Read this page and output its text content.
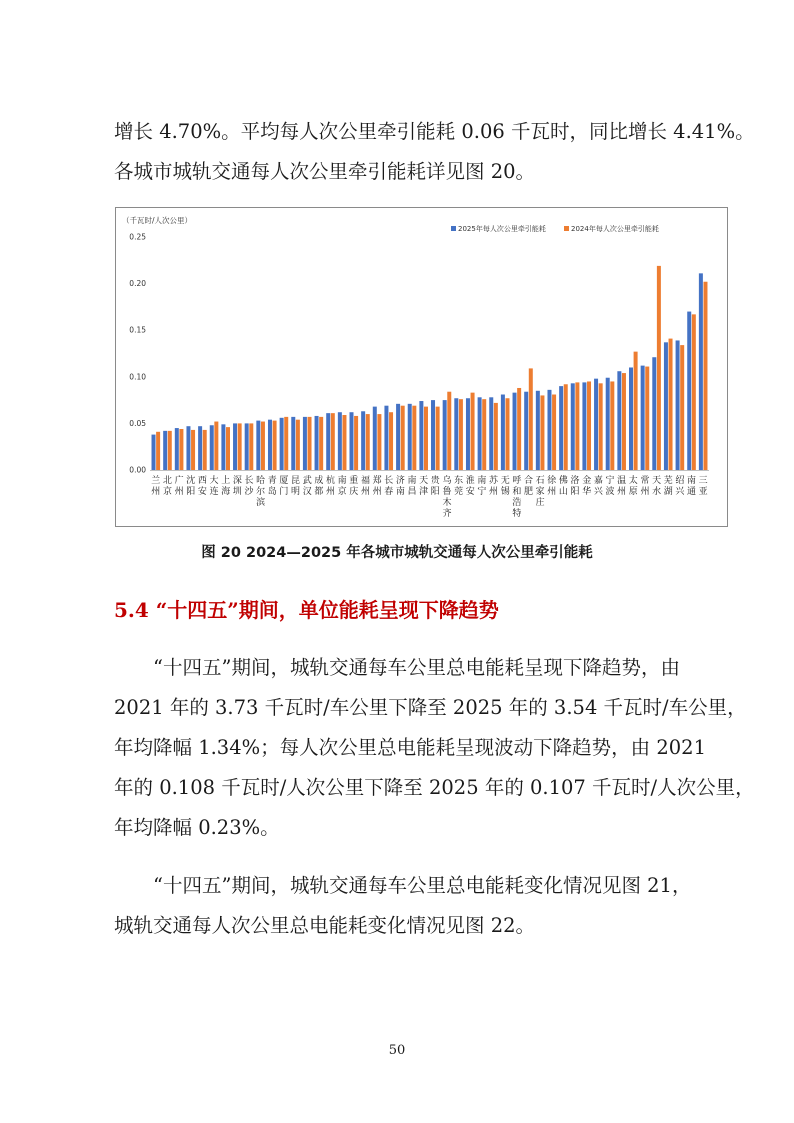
增长 4.70%。平均每人次公里牵引能耗 0.06 千瓦时，同比增长 4.41%。
各城市城轨交通每人次公里牵引能耗详见图 20。

（千瓦时/人次公里）
0.00
0.05
0.10
0.15
0.20
0.25
兰州
北京
广州
沈阳
西安
大连
上海
深圳
长沙
哈尔滨
青岛
厦门
昆明
武汉
成都
杭州
南京
重庆
福州
郑州
长春
济南
南昌
天津
贵阳
乌鲁木齐
东莞
淮安
南宁
苏州
无锡
呼和浩特
合肥
石家庄
徐州
佛山
洛阳
金华
嘉兴
宁波
温州
太原
常州
天水
芜湖
绍兴
南通
三亚
2025年每人次公里牵引能耗	2024年每人次公里牵引能耗
图 20 2024—2025 年各城市城轨交通每人次公里牵引能耗
5.4 “十四五”期间，单位能耗呈现下降趋势

“十四五”期间，城轨交通每车公里总电能耗呈现下降趋势，由
2021 年的 3.73 千瓦时/车公里下降至 2025 年的 3.54 千瓦时/车公里，
年均降幅 1.34%；每人次公里总电能耗呈现波动下降趋势，由 2021
年的 0.108 千瓦时/人次公里下降至 2025 年的 0.107 千瓦时/人次公里，
年均降幅 0.23%。

“十四五”期间，城轨交通每车公里总电能耗变化情况见图 21，
城轨交通每人次公里总电能耗变化情况见图 22。

50
